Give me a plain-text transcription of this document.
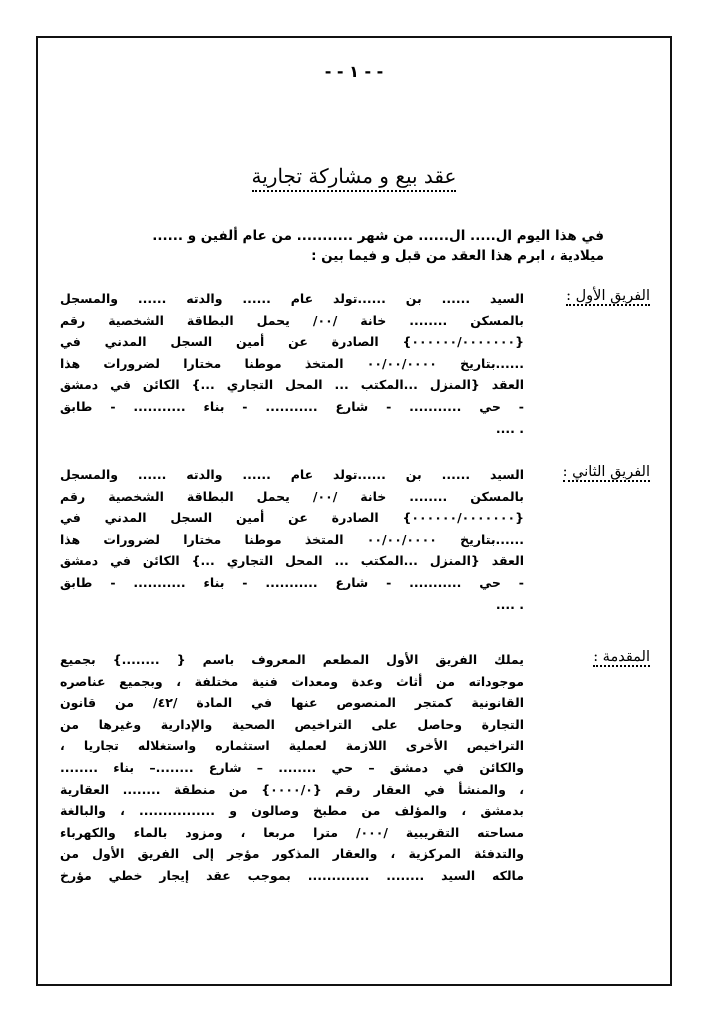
- - ١ - -
عقد بيع و مشاركة تجارية
في هذا اليوم ال..... ال...... من شهر ........... من عام ألفين و ......
ميلادية ، ابرم هذا العقد من قبل و فيما بين :
الفريق الأول :
السيد ...... بن ......تولد عام ...... والدته ...... والمسجل
بالمسكن ........ خانة /٠٠/ يحمل البطاقة الشخصية رقم
{٠٠٠٠٠٠/٠٠٠٠٠٠٠} الصادرة عن أمين السجل المدني في
......بتاريخ ٠٠/٠٠/٠٠٠٠ المتخذ موطنا مختارا لضرورات هذا
العقد {المنزل ...المكتب ... المحل التجاري ...} الكائن في دمشق
- حي ........... - شارع ........... - بناء ........... - طابق
. ....
الفريق الثاني :
السيد ...... بن ......تولد عام ...... والدته ...... والمسجل
بالمسكن ........ خانة /٠٠/ يحمل البطاقة الشخصية رقم
{٠٠٠٠٠٠/٠٠٠٠٠٠٠} الصادرة عن أمين السجل المدني في
......بتاريخ ٠٠/٠٠/٠٠٠٠ المتخذ موطنا مختارا لضرورات هذا
العقد {المنزل ...المكتب ... المحل التجاري ...} الكائن في دمشق
- حي ........... - شارع ........... - بناء ........... - طابق
. ....
المقدمة :
يملك الفريق الأول المطعم المعروف باسم { ........} بجميع
موجوداته من أثاث وعدة ومعدات فنية مختلفة ، وبجميع عناصره
القانونية كمتجر المنصوص عنها في المادة /٤٢/ من قانون
التجارة وحاصل على التراخيص الصحية والإدارية وغيرها من
التراخيص الأخرى اللازمة لعملية استثماره واستغلاله تجاريا ،
والكائن في دمشق – حي ........ – شارع ........– بناء ........
، والمنشأ في العقار رقم {٠٠٠٠/٠} من منطقة ........ العقارية
بدمشق ، والمؤلف من مطبخ وصالون و ................ ، والبالغة
مساحته التقريبية /٠٠٠/ مترا مربعا ، ومزود بالماء والكهرباء
والتدفئة المركزية ، والعقار المذكور مؤجر إلى الفريق الأول من
مالكه السيد ........ ............. بموجب عقد إيجار خطي مؤرخ
